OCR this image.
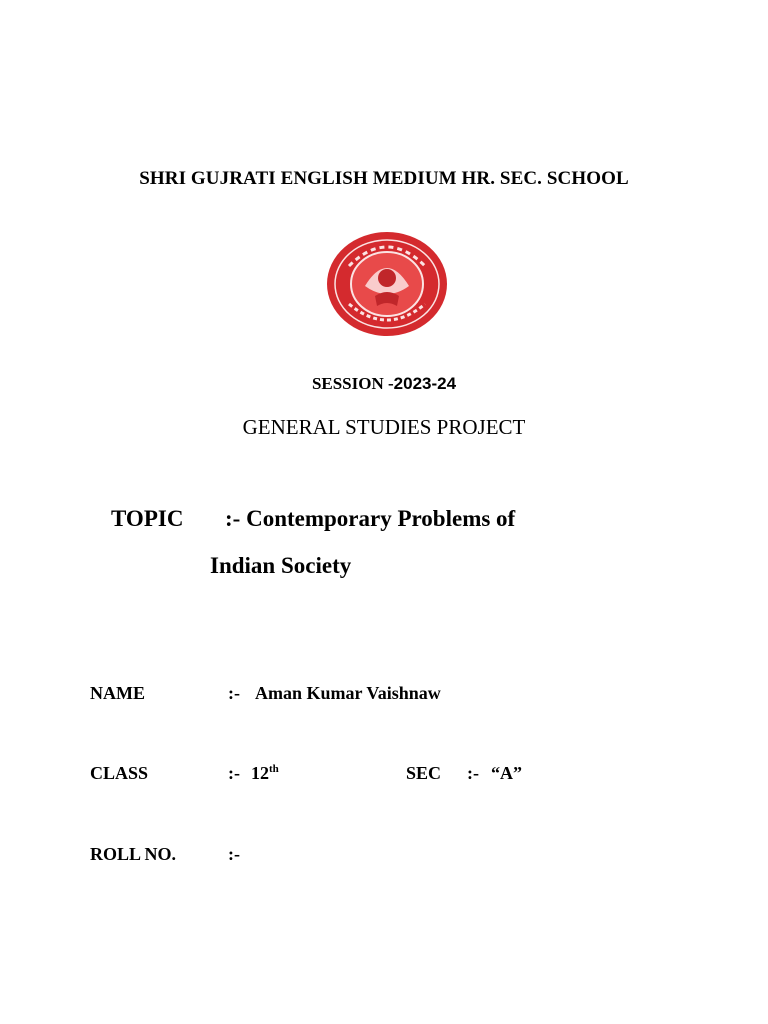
SHRI GUJRATI ENGLISH MEDIUM HR. SEC. SCHOOL
SESSION -2023-24
GENERAL STUDIES PROJECT
TOPIC :- Contemporary Problems of
Indian Society
NAME	:- Aman Kumar Vaishnaw
CLASS	:- 12th	SEC :- “A”
ROLL NO.	:-
